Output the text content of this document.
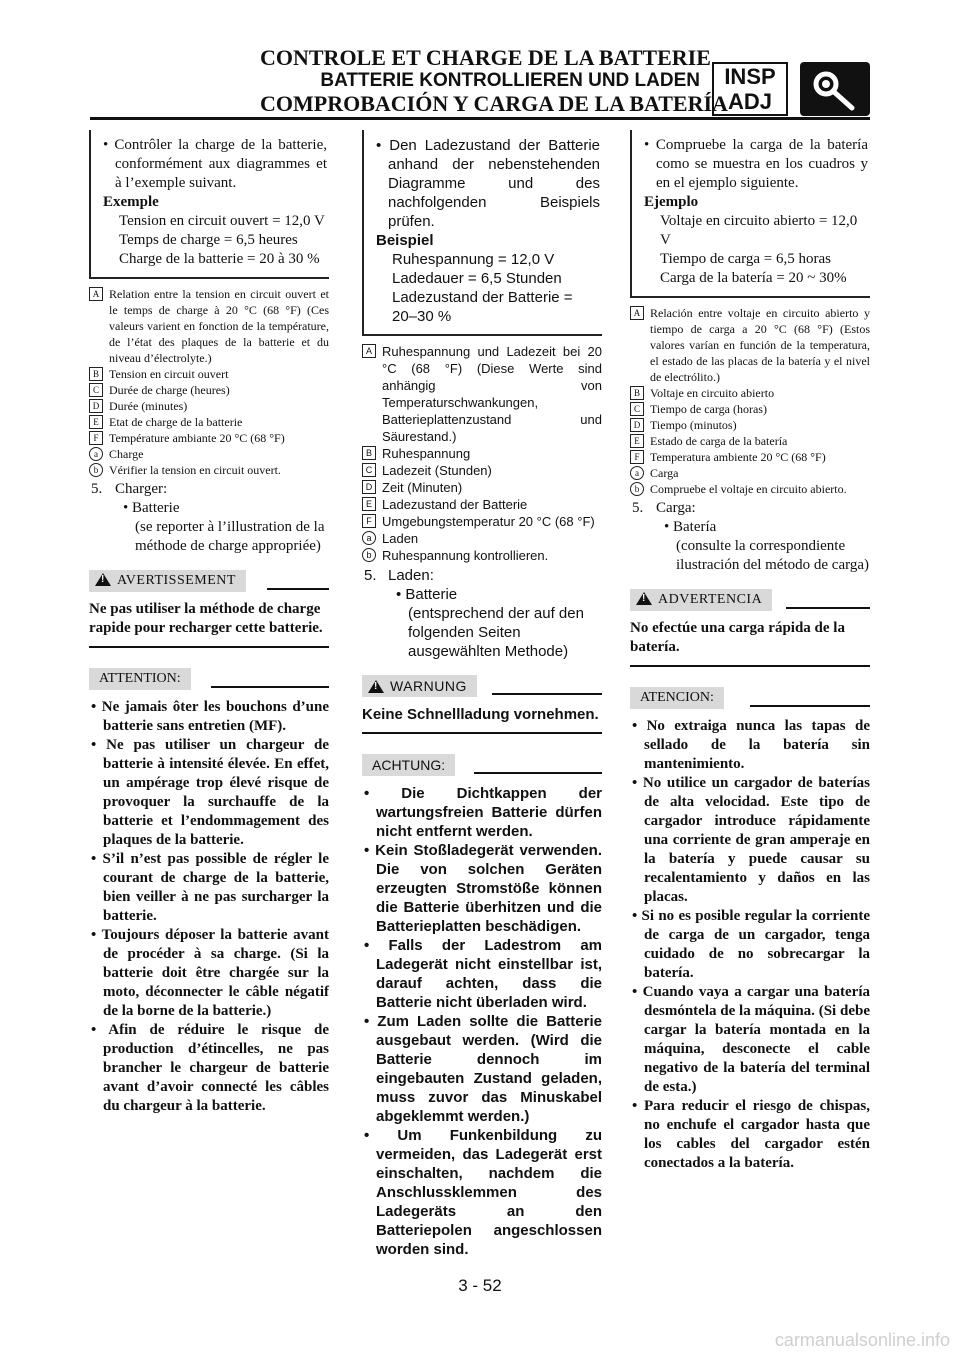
CONTROLE ET CHARGE DE LA BATTERIE
BATTERIE KONTROLLIEREN UND LADEN
COMPROBACIÓN Y CARGA DE LA BATERÍA
INSP
ADJ

• Contrôler la charge de la batterie, conformément aux diagrammes et à l’exemple suivant.

Exemple

Tension en circuit ouvert = 12,0 V

Temps de charge = 6,5 heures

Charge de la batterie = 20 à 30 %

A Relation entre la tension en circuit ouvert et le temps de charge à 20 °C (68 °F) (Ces valeurs varient en fonction de la température, de l’état des plaques de la batterie et du niveau d’électrolyte.)
B Tension en circuit ouvert
C Durée de charge (heures)
D Durée (minutes)
E Etat de charge de la batterie
F Température ambiante 20 °C (68 °F)
a Charge
b Vérifier la tension en circuit ouvert.
5. Charger:
• Batterie
(se reporter à l’illustration de la méthode de charge appropriée)
!AVERTISSEMENT
Ne pas utiliser la méthode de charge rapide pour recharger cette batterie.
ATTENTION:
• Ne jamais ôter les bouchons d’une batterie sans entretien (MF).
• Ne pas utiliser un chargeur de batterie à intensité élevée. En effet, un ampérage trop élevé risque de provoquer la surchauffe de la batterie et l’endommagement des plaques de la batterie.
• S’il n’est pas possible de régler le courant de charge de la batterie, bien veiller à ne pas surcharger la batterie.
• Toujours déposer la batterie avant de procéder à sa charge. (Si la batterie doit être chargée sur la moto, déconnecter le câble négatif de la borne de la batterie.)
• Afin de réduire le risque de production d’étincelles, ne pas brancher le chargeur de batterie avant d’avoir connecté les câbles du chargeur à la batterie.

• Den Ladezustand der Batterie anhand der nebenstehenden Diagramme und des nachfolgenden Beispiels prüfen.

Beispiel

Ruhespannung = 12,0 V

Ladedauer = 6,5 Stunden

Ladezustand der Batterie = 20–30 %

A Ruhespannung und Ladezeit bei 20 °C (68 °F) (Diese Werte sind anhängig von Temperaturschwankungen, Batterieplattenzustand und Säurestand.)
B Ruhespannung
C Ladezeit (Stunden)
D Zeit (Minuten)
E Ladezustand der Batterie
F Umgebungstemperatur 20 °C (68 °F)
a Laden
b Ruhespannung kontrollieren.
5. Laden:
• Batterie
(entsprechend der auf den folgenden Seiten ausgewählten Methode)
!WARNUNG
Keine Schnellladung vornehmen.
ACHTUNG:
• Die Dichtkappen der wartungsfreien Batterie dürfen nicht entfernt werden.
• Kein Stoßladegerät verwenden. Die von solchen Geräten erzeugten Stromstöße können die Batterie überhitzen und die Batterieplatten beschädigen.
• Falls der Ladestrom am Ladegerät nicht einstellbar ist, darauf achten, dass die Batterie nicht überladen wird.
• Zum Laden sollte die Batterie ausgebaut werden. (Wird die Batterie dennoch im eingebauten Zustand geladen, muss zuvor das Minuskabel abgeklemmt werden.)
• Um Funkenbildung zu vermeiden, das Ladegerät erst einschalten, nachdem die Anschlussklemmen des Ladegeräts an den Batteriepolen angeschlossen worden sind.

• Compruebe la carga de la batería como se muestra en los cuadros y en el ejemplo siguiente.

Ejemplo

Voltaje en circuito abierto = 12,0 V

Tiempo de carga = 6,5 horas

Carga de la batería = 20 ~ 30%

A Relación entre voltaje en circuito abierto y tiempo de carga a 20 °C (68 °F) (Estos valores varían en función de la temperatura, el estado de las placas de la batería y el nivel de electrólito.)
B Voltaje en circuito abierto
C Tiempo de carga (horas)
D Tiempo (minutos)
E Estado de carga de la batería
F Temperatura ambiente 20 °C (68 °F)
a Carga
b Compruebe el voltaje en circuito abierto.
5. Carga:
• Batería
(consulte la correspondiente ilustración del método de carga)
!ADVERTENCIA
No efectúe una carga rápida de la batería.
ATENCION:
• No extraiga nunca las tapas de sellado de la batería sin mantenimiento.
• No utilice un cargador de baterías de alta velocidad. Este tipo de cargador introduce rápidamente una corriente de gran amperaje en la batería y puede causar su recalentamiento y daños en las placas.
• Si no es posible regular la corriente de carga de un cargador, tenga cuidado de no sobrecargar la batería.
• Cuando vaya a cargar una batería desmóntela de la máquina. (Si debe cargar la batería montada en la máquina, desconecte el cable negativo de la batería del terminal de esta.)
• Para reducir el riesgo de chispas, no enchufe el cargador hasta que los cables del cargador estén conectados a la batería.
3 - 52
carmanualsonline.info
